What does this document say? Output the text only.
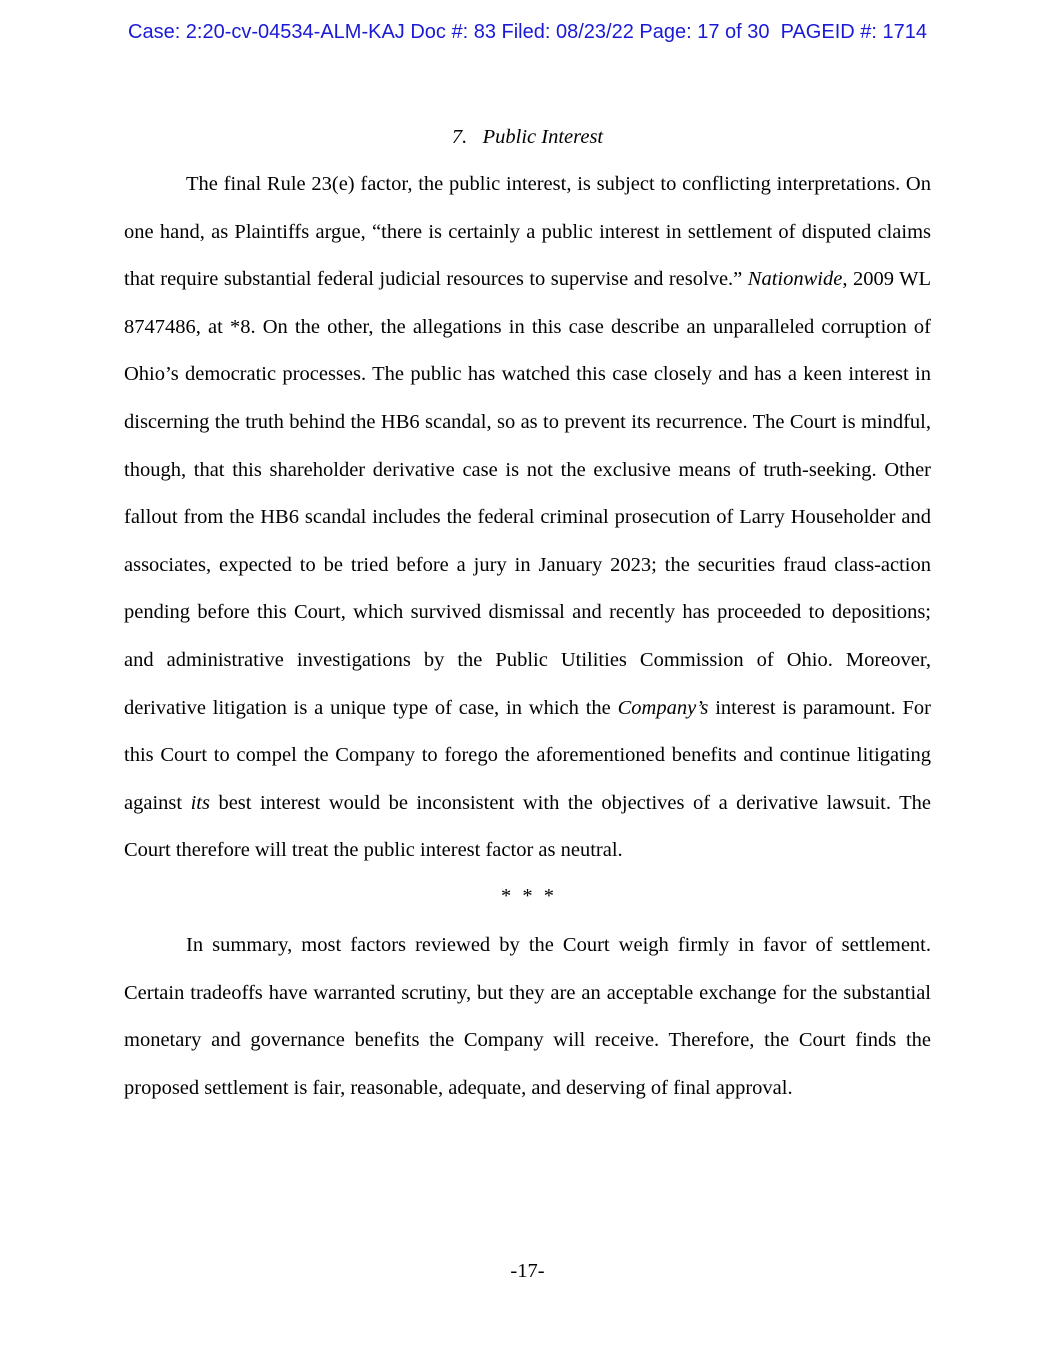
Case: 2:20-cv-04534-ALM-KAJ Doc #: 83 Filed: 08/23/22 Page: 17 of 30  PAGEID #: 1714
7.   Public Interest

The final Rule 23(e) factor, the public interest, is subject to conflicting interpretations. On one hand, as Plaintiffs argue, “there is certainly a public interest in settlement of disputed claims that require substantial federal judicial resources to supervise and resolve.” Nationwide, 2009 WL 8747486, at *8. On the other, the allegations in this case describe an unparalleled corruption of Ohio’s democratic processes. The public has watched this case closely and has a keen interest in discerning the truth behind the HB6 scandal, so as to prevent its recurrence. The Court is mindful, though, that this shareholder derivative case is not the exclusive means of truth-seeking. Other fallout from the HB6 scandal includes the federal criminal prosecution of Larry Householder and associates, expected to be tried before a jury in January 2023; the securities fraud class-action pending before this Court, which survived dismissal and recently has proceeded to depositions; and administrative investigations by the Public Utilities Commission of Ohio. Moreover, derivative litigation is a unique type of case, in which the Company’s interest is paramount. For this Court to compel the Company to forego the aforementioned benefits and continue litigating against its best interest would be inconsistent with the objectives of a derivative lawsuit. The Court therefore will treat the public interest factor as neutral.

* * *

In summary, most factors reviewed by the Court weigh firmly in favor of settlement. Certain tradeoffs have warranted scrutiny, but they are an acceptable exchange for the substantial monetary and governance benefits the Company will receive. Therefore, the Court finds the proposed settlement is fair, reasonable, adequate, and deserving of final approval.

-17-
